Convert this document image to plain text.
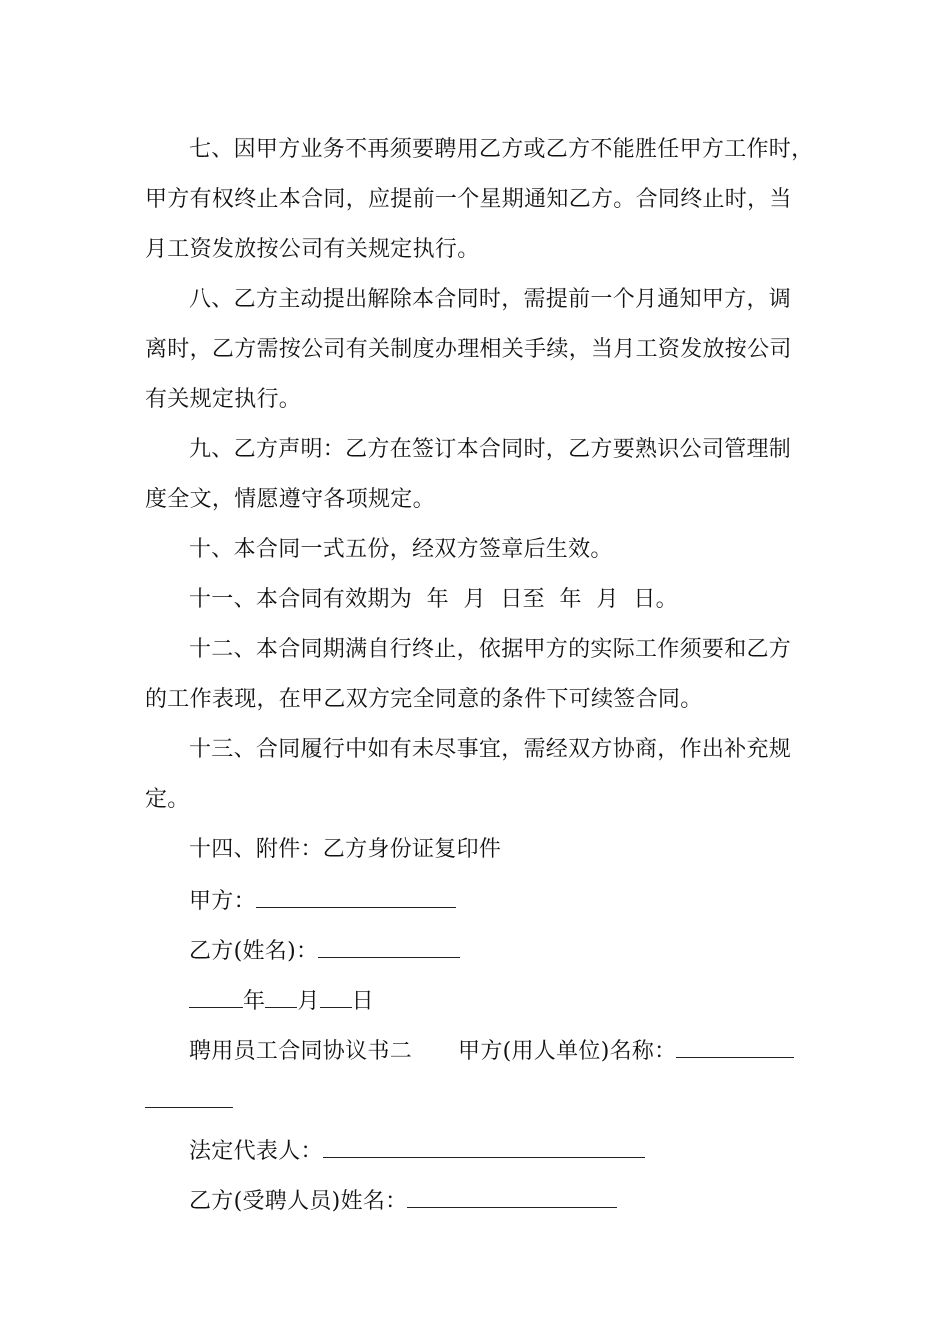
七、因甲方业务不再须要聘用乙方或乙方不能胜任甲方工作时，
甲方有权终止本合同，应提前一个星期通知乙方。合同终止时，当
月工资发放按公司有关规定执行。
八、乙方主动提出解除本合同时，需提前一个月通知甲方，调
离时，乙方需按公司有关制度办理相关手续，当月工资发放按公司
有关规定执行。
九、乙方声明：乙方在签订本合同时，乙方要熟识公司管理制
度全文，情愿遵守各项规定。
十、本合同一式五份，经双方签章后生效。
十一、本合同有效期为  年  月  日至  年  月  日。
十二、本合同期满自行终止，依据甲方的实际工作须要和乙方
的工作表现，在甲乙双方完全同意的条件下可续签合同。
十三、合同履行中如有未尽事宜，需经双方协商，作出补充规
定。
十四、附件：乙方身份证复印件
甲方：
乙方(姓名)：
年 月 日
聘用员工合同协议书二 甲方(用人单位)名称：
法定代表人：
乙方(受聘人员)姓名：
